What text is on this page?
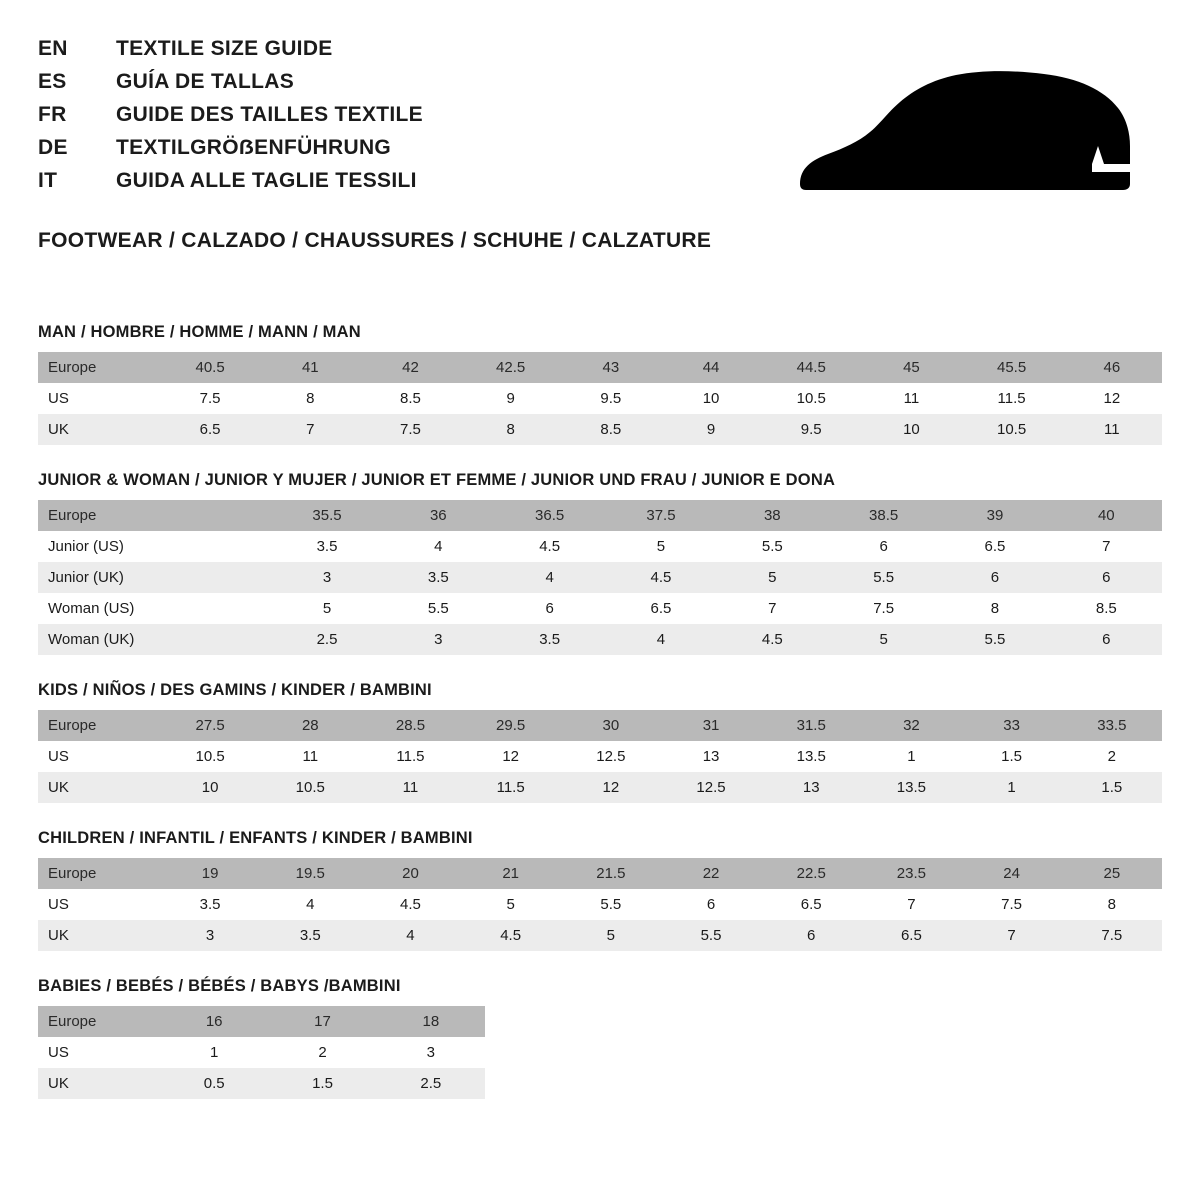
EN	TEXTILE SIZE GUIDE
ES	GUÍA DE TALLAS
FR	GUIDE DES TAILLES TEXTILE
DE	TEXTILGRÖẞENFÜHRUNG
IT	GUIDA ALLE TAGLIE TESSILI
FOOTWEAR / CALZADO / CHAUSSURES / SCHUHE / CALZATURE
MAN / HOMBRE / HOMME / MANN / MAN
Europe	40.5	41	42	42.5	43	44	44.5	45	45.5	46
US	7.5	8	8.5	9	9.5	10	10.5	11	11.5	12
UK	6.5	7	7.5	8	8.5	9	9.5	10	10.5	11
JUNIOR & WOMAN / JUNIOR Y MUJER / JUNIOR ET FEMME / JUNIOR UND FRAU / JUNIOR E DONA
Europe		35.5	36	36.5	37.5	38	38.5	39	40
Junior (US)		3.5	4	4.5	5	5.5	6	6.5	7
Junior (UK)		3	3.5	4	4.5	5	5.5	6	6
Woman (US)		5	5.5	6	6.5	7	7.5	8	8.5
Woman (UK)		2.5	3	3.5	4	4.5	5	5.5	6
KIDS / NIÑOS / DES GAMINS / KINDER / BAMBINI
Europe	27.5	28	28.5	29.5	30	31	31.5	32	33	33.5
US	10.5	11	11.5	12	12.5	13	13.5	1	1.5	2
UK	10	10.5	11	11.5	12	12.5	13	13.5	1	1.5
CHILDREN / INFANTIL / ENFANTS / KINDER / BAMBINI
Europe	19	19.5	20	21	21.5	22	22.5	23.5	24	25
US	3.5	4	4.5	5	5.5	6	6.5	7	7.5	8
UK	3	3.5	4	4.5	5	5.5	6	6.5	7	7.5
BABIES / BEBÉS / BÉBÉS / BABYS /BAMBINI
Europe	16	17	18
US	1	2	3
UK	0.5	1.5	2.5
